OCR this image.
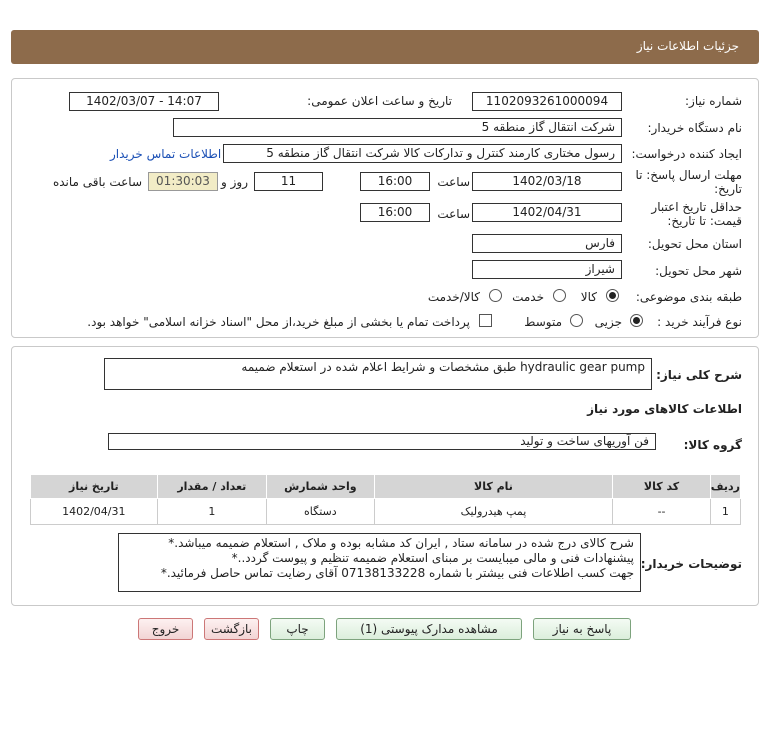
جزئیات اطلاعات نیاز
شماره نیاز:
1102093261000094
تاریخ و ساعت اعلان عمومی:
1402/03/07 - 14:07
نام دستگاه خریدار:
شرکت انتقال گاز منطقه 5
ایجاد کننده درخواست:
رسول مختاری کارمند کنترل و تدارکات کالا شرکت انتقال گاز منطقه 5
اطلاعات تماس خریدار
مهلت ارسال پاسخ: تا
تاریخ:
1402/03/18
ساعت
16:00
11
روز و
01:30:03
ساعت باقی مانده
حداقل تاریخ اعتبار
قیمت: تا تاریخ:
1402/04/31
ساعت
16:00
استان محل تحویل:
فارس
شهر محل تحویل:
شیراز
طبقه بندی موضوعی:
کالا
خدمت
کالا/خدمت
نوع فرآیند خرید :
جزیی
متوسط
پرداخت تمام یا بخشی از مبلغ خرید،از محل "اسناد خزانه اسلامی" خواهد بود.
شرح کلی نیاز:
hydraulic gear pump طبق مشخصات و شرایط اعلام شده در استعلام ضمیمه
اطلاعات کالاهای مورد نیاز
گروه کالا:
فن آوریهای ساخت و تولید
ردیف	کد کالا	نام کالا	واحد شمارش	تعداد / مقدار	تاریخ نیاز
1	--	پمپ هیدرولیک	دستگاه	1	1402/04/31
توضیحات خریدار:
شرح کالای درج شده در سامانه ستاد , ایران کد مشابه بوده و ملاک , استعلام ضمیمه میباشد.*
پیشنهادات فنی و مالی میبایست بر مبنای استعلام ضمیمه تنظیم و پیوست گردد..*
جهت کسب اطلاعات فنی بیشتر با شماره 07138133228 آقای رضایت تماس حاصل فرمائید.*
پاسخ به نیاز
مشاهده مدارک پیوستی (1)
چاپ
بازگشت
خروج
